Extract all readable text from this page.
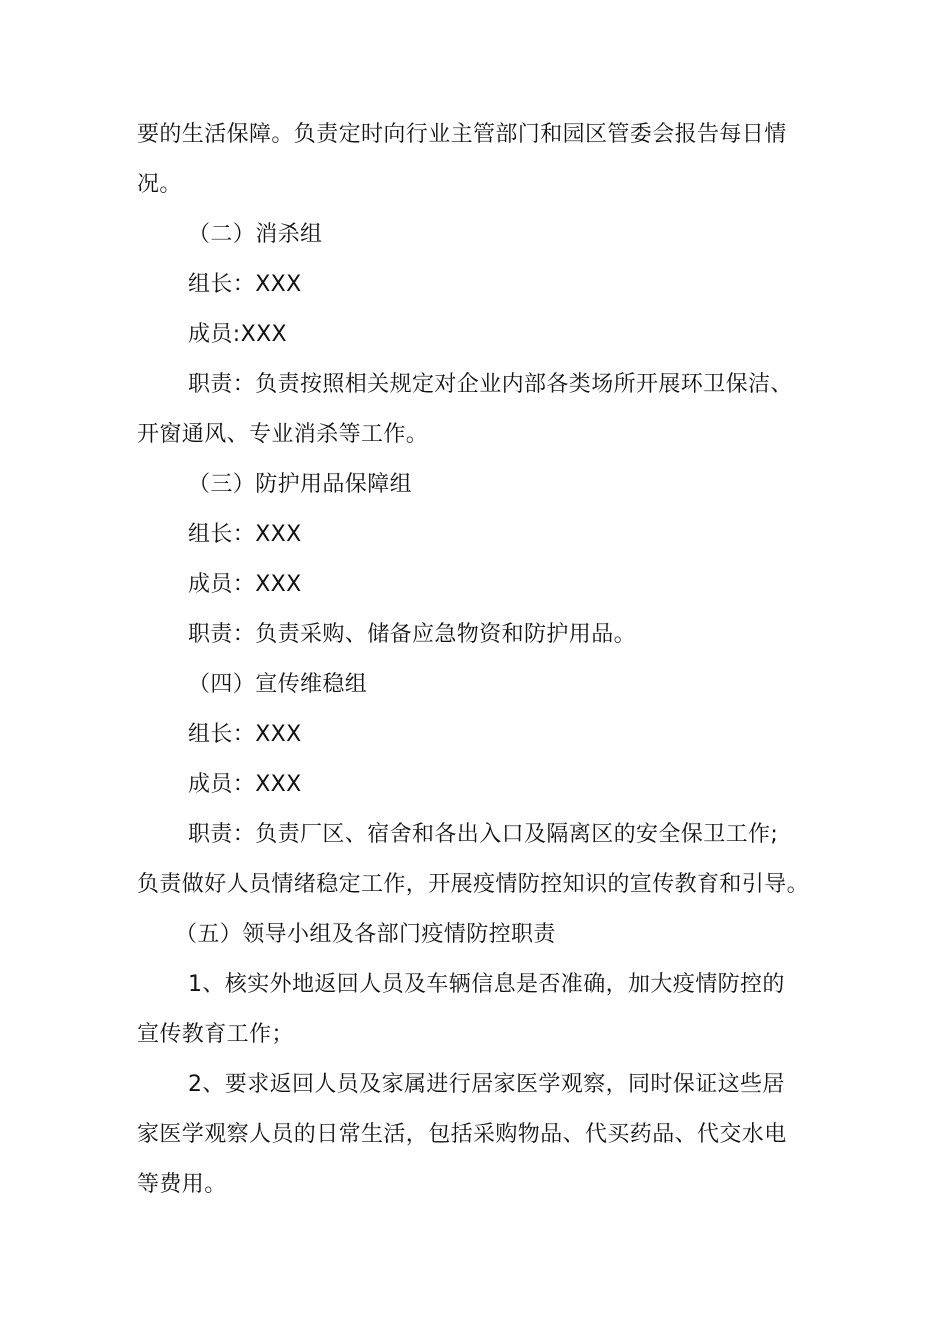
要的生活保障。负责定时向行业主管部门和园区管委会报告每日情
况。
（二）消杀组
组长：XXX
成员:XXX
职责：负责按照相关规定对企业内部各类场所开展环卫保洁、
开窗通风、专业消杀等工作。
（三）防护用品保障组
组长：XXX
成员：XXX
职责：负责采购、储备应急物资和防护用品。
（四）宣传维稳组
组长：XXX
成员：XXX
职责：负责厂区、宿舍和各出入口及隔离区的安全保卫工作;
负责做好人员情绪稳定工作，开展疫情防控知识的宣传教育和引导。
（五）领导小组及各部门疫情防控职责
1、核实外地返回人员及车辆信息是否准确，加大疫情防控的
宣传教育工作；
2、要求返回人员及家属进行居家医学观察，同时保证这些居
家医学观察人员的日常生活，包括采购物品、代买药品、代交水电
等费用。
